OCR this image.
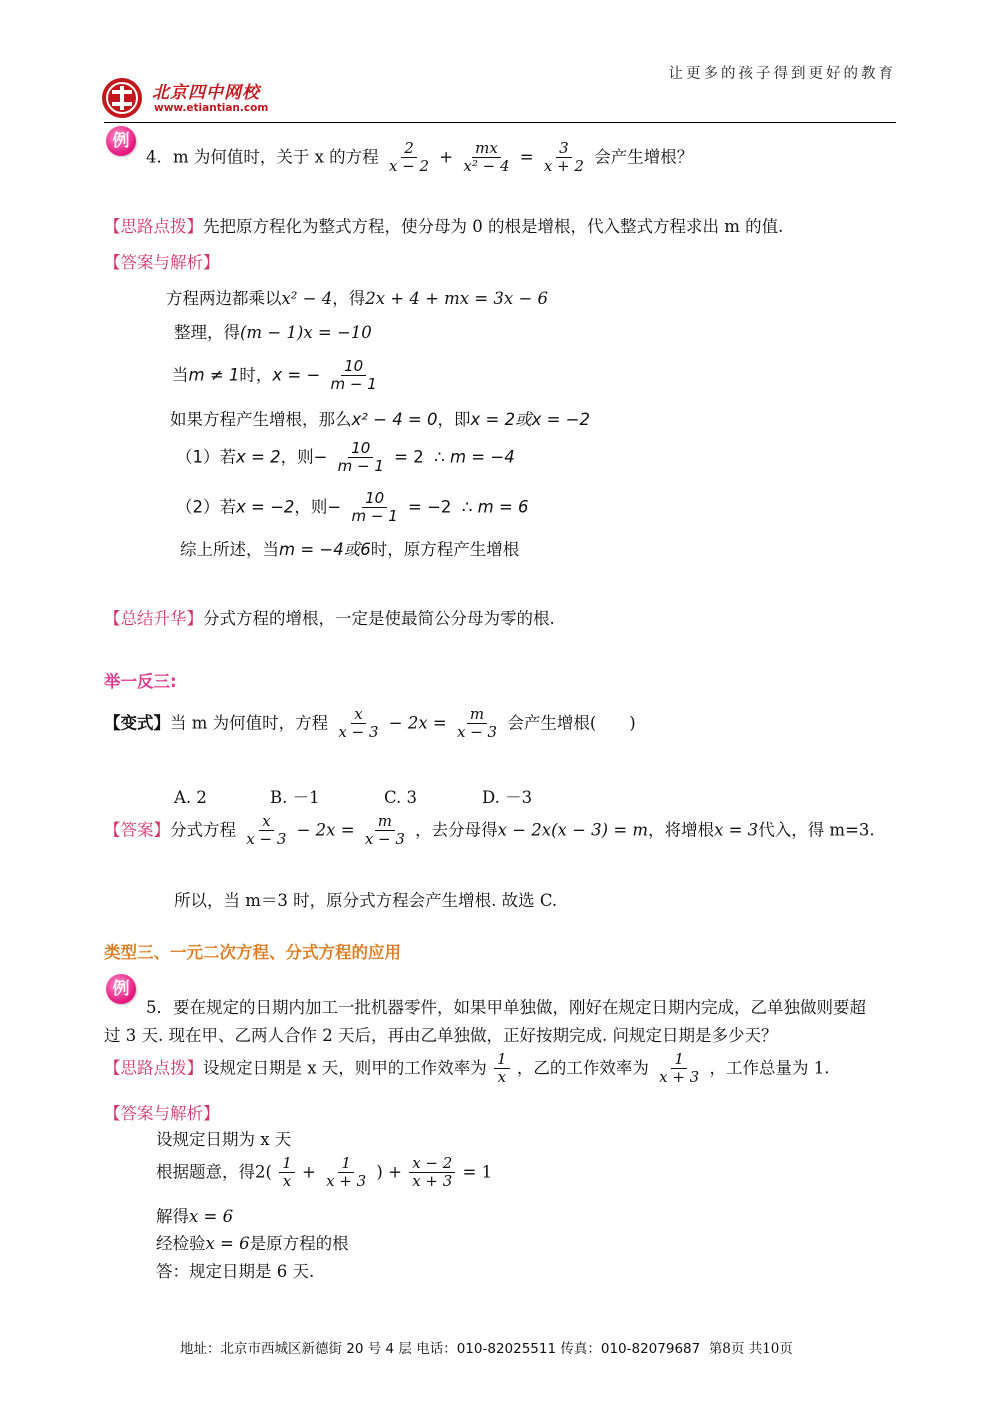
让更多的孩子得到更好的教育
北京四中网校
www.etiantian.com
例
4．m 为何值时，关于 x 的方程 $\frac{2}{x - 2} + \frac{mx}{\text{x² − 4}} = \frac{3}{x + 2}$ 会产生增根？
【思路点拨】先把原方程化为整式方程，使分母为 0 的根是增根，代入整式方程求出 m 的值.
【答案与解析】
方程两边都乘以x² − 4，得2x + 4 + mx = 3x − 6
整理，得(m − 1)x = −10
当m ≠ 1时，x = − $\frac{10}{m - 1}$
如果方程产生增根，那么x² − 4 = 0，即x = 2或x = −2
（1）若x = 2，则− $\frac{10}{m - 1} = 2$ ∴ m = −4
（2）若x = −2，则− $\frac{10}{m - 1} = -2$ ∴ m = 6
综上所述，当m = −4或6时，原方程产生增根
【总结升华】分式方程的增根，一定是使最简公分母为零的根.
举一反三:
【变式】当 m 为何值时，方程 $\frac{x}{x - 3} - 2x = \frac{m}{x - 3}$ 会产生增根(　　)
A. 2	B. －1	C. 3	D. －3
【答案】分式方程 $\frac{x}{x - 3} - 2x = \frac{m}{x - 3}$ ，去分母得x − 2x(x − 3) = m，将增根x = 3代入，得 m=3.
所以，当 m＝3 时，原分式方程会产生增根. 故选 C.
类型三、一元二次方程、分式方程的应用
例
5．要在规定的日期内加工一批机器零件，如果甲单独做，刚好在规定日期内完成，乙单独做则要超
过 3 天. 现在甲、乙两人合作 2 天后，再由乙单独做，正好按期完成. 问规定日期是多少天？
【思路点拨】设规定日期是 x 天，则甲的工作效率为 $\frac{1}{x}$ ，乙的工作效率为 $\frac{1}{x + 3}$ ，工作总量为 1.
【答案与解析】
设规定日期为 x 天
根据题意，得$2( \frac{1}{x} + \frac{1}{x + 3}$ ) + $\frac{x - 2}{x + 3} = 1$
解得x = 6
经检验x = 6是原方程的根
答：规定日期是 6 天.
地址：北京市西城区新德街 20 号 4 层 电话：010-82025511 传真：010-82079687 第8页 共10页
